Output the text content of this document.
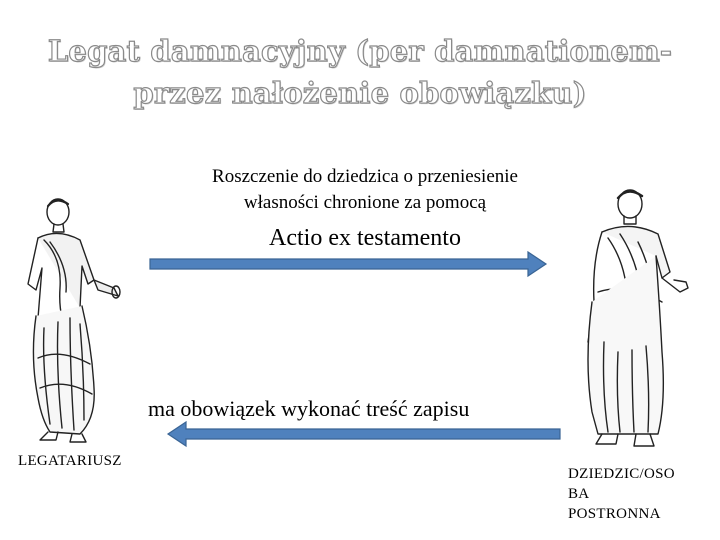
Legat damnacyjny (per damnationem-
przez nałożenie obowiązku)
Roszczenie do dziedzica o przeniesienie
własności chronione za pomocą
Actio ex testamento
ma obowiązek wykonać treść zapisu
LEGATARIUSZ
DZIEDZIC/OSO
BA
POSTRONNA
